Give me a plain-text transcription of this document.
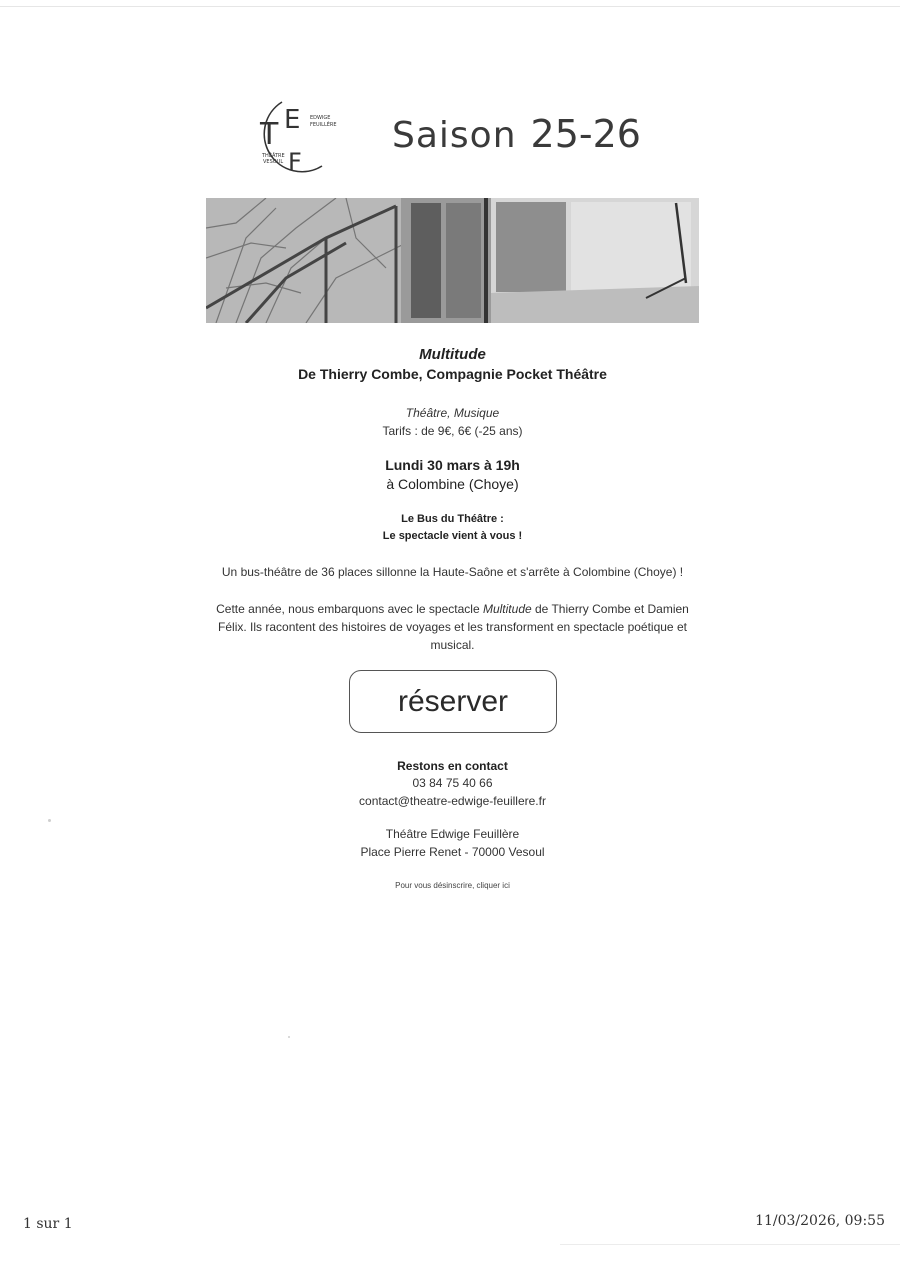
T E
F
EDWIGE
FEUILLÈRE
THÉÂTRE
VESOUL
Saison 25-26
Multitude
De Thierry Combe, Compagnie Pocket Théâtre
Théâtre, Musique
Tarifs : de 9€, 6€ (-25 ans)
Lundi 30 mars à 19h
à Colombine (Choye)
Le Bus du Théâtre :
Le spectacle vient à vous !
Un bus-théâtre de 36 places sillonne la Haute-Saône et s'arrête à Colombine (Choye) !
Cette année, nous embarquons avec le spectacle Multitude de Thierry Combe et Damien Félix. Ils racontent des histoires de voyages et les transforment en spectacle poétique et musical.
réserver
Restons en contact
03 84 75 40 66
contact@theatre-edwige-feuillere.fr
Théâtre Edwige Feuillère
Place Pierre Renet - 70000 Vesoul
Pour vous désinscrire, cliquer ici
1 sur 1	11/03/2026, 09:55
